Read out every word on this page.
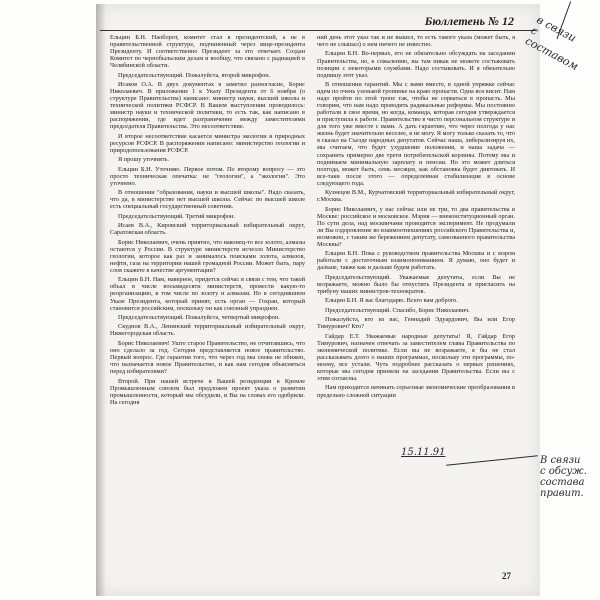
Бюллетень № 12

Ельцин Б.Н. Наоборот, комитет стал в президентский, а не в правительственной структуре, подчиненный через вице-президента Президенту. И соответственно Президент за это отвечает. Создан Комитет по чернобыльским делам и вообщу, что связано с радиацией в Челябинской области.

Председательствующий. Пожалуйста, второй микрофон.

Исаков О.А. В двух документах я заметил разногласие, Борис Николаевич. В приложение 1 к Указу Президента от 6 ноября (о структуре Правительства) написано: министр науки, высшей школы и технической политики РСФСР. В Вашем выступлении проводилось: министр науки и технической политики, то есть так, как написано в распоряжении, где идет разграничение между заместителями председателя Правительства. Это несоответствие.

И второе несоответствие касается министра экологии и природных ресурсов РСФСР. В распоряжении написано: министерство геологии и природопользования РСФСР.

Я прошу уточнить.

Ельцин Б.Н. Уточняю. Первое потом. По второму вопросу — это просто техническая опечатка: не "геологии", а "экологии". Это уточнено.

В отношении "образования, науки и высшей школы". Надо сказать, что да, в министерстве нет высшей школы. Сейчас по высшей школе есть специальный государственный советник.

Председательствующий. Третий микрофон.

Исаев В.А., Кировский территориальный избирательный округ, Саратовская область.

Борис Николаевич, очень приятно, что наконец-то все золото, алмазы остаются у России. В структуре министерств исчезло Министерство геологии, которое как раз и занималось поисками золота, алмазов, нефти, газа на территории нашей громадной России. Может быть, пару слов скажете в качестве аргументации?

Ельцин Б.Н. Нам, наверное, придется сейчас в связи с тем, что такой объал в числе восьмидесяти министерств, провести какую-то реорганизацию, в том числе по золоту и алмазам. Но в сегодняшнем Указе Президента, который принят, есть орган — Гохран, который становится российским, поскольку он как союзный упразднен.

Председательствующий. Пожалуйста, четвертый микрофон.

Скуднов В.А., Ленинский территориальный избирательный округ, Нижегородская область.

Борис Николаевич! Уште старое Правительство, не отчитавшись, что оно сделало за год. Сегодня представляется новое правительство. Первый вопрос. Где гарантия того, что через год мы снова не обижен, что назначается новое Правительство, и как нам сегодня объясняться перед избирателями?

Второй. При нашей встрече в Вашей резиденции в Кремле Промышленным союзом был предложен проект указа о развитии промышленности, который мы обсудили, и Вы на словах его одобрили. На сегодня

ний день этот указ так и не вышел, то есть такого указа (может быть, я чего не слышал) о нем ничего не известно.

Ельцин Б.Н. Во-первых, его не обязательно обсуждать на заседании Правительства, но, к сожалению, вы там никак не можете состыковать позиции с некоторыми службами. Надо состыковать. И я обязательно подпишу этот указ.

В отношении гарантий. Мы с вами вместе, в одной упряжке сейчас идем по очень узенькой тропинке на краю пропасти. Одна вся висит. Нам надо пройти по этой тропе так, чтобы не сорваться в пропасть. Мы говорим, что нам надо проводить радикальные реформы. Мы постоянно работали в свое время, но когда, команда, которая сегодня утверждается и приступила к работе. Правительство в чисто персональном структуре и для того уже вместе с вами. А дать гарантию, что через полгода у нас жизнь будет значительно веселее, я не могу. Я могу только сказать то, что я сказал на Съезде народных депутатов. Сейчас наша, либерализируя их, мы считаем, что будет ухудшение положения, и наша задача — сохранить примерно две трети потребительской корзины. Потому мы и поднимаем минимальную зарплату и пенсии. Но это может длиться полгода, может быть, семь месяцев, как обстановка будет диктовать. И все-таки после этого — определенная стабилизация в основе следующего года.

Кузнецов В.М., Курчатовский территориальный избирательный округ, г.Москва.

Борис Николаевич, у нас сейчас или не три, то два правительства в Москве: российское и московское. Мэрия — внеконституционный орган. По сути дела, над москвичами проводится эксперимент. Не продумали ли Вы оздоровление во взаимоотношениях российского Правительства и, возможно, с таким же бережением депутату, самозванного правительства Москвы?

Ельцин Б.Н. Пока с руководством правительства Москвы и с мэром работали с достаточным взаимопониманием. Я думаю, оно будет и дальше, также как и дальше будем работать.

Председательствующий. Уважаемые депутаты, если Вы не возражаете, можно было бы отпустить Президента и пригласить на трибуну наших министров-технократов.

Ельцин Б.Н. Я вас благодарю. Всего вам доброго.

Председательствующий. Спасибо, Борис Николаевич.

Пожалуйста, кто из вас, Геннадий Эдуардович, Вы или Егор Тимурович? Кто?

Гайдар Е.Т. Уважаемые народные депутаты! Я, Гайдар Егор Тимурович, назначен отвечать за заместителем главы Правительства по экономической политике. Если вы не возражаете, я бы не стал рассказывать долго о наших программах, поскольку эти программы, по-моему, все устали. Чуть подробнее рассказать о первых решениях, которые мы сегодня приняли на заседании Правительства. Если вы с этим согласны.

Нам приходится начинать серьезные экономические преобразования в предельно сложной ситуации

27
в связи
с составом
15.11.91
В связи
с обсуж.
состава
правит.
